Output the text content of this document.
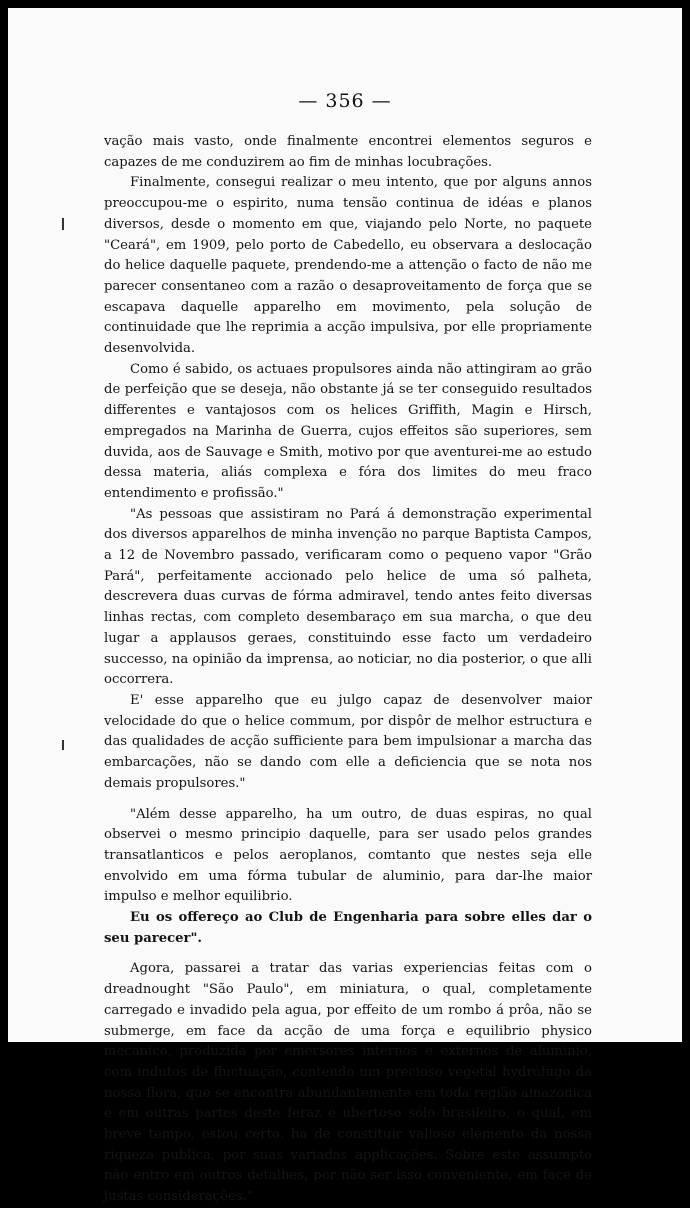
— 356 —

vação mais vasto, onde finalmente encontrei elementos seguros e capazes de me conduzirem ao fim de minhas locubrações.

Finalmente, consegui realizar o meu intento, que por alguns annos preoccupou-me o espirito, numa tensão continua de idéas e planos diversos, desde o momento em que, viajando pelo Norte, no paquete "Ceará", em 1909, pelo porto de Cabedello, eu observara a deslocação do helice daquelle paquete, prendendo-me a attenção o facto de não me parecer consentaneo com a razão o desaproveitamento de força que se escapava daquelle apparelho em movimento, pela solução de continuidade que lhe reprimia a acção impulsiva, por elle propriamente desenvolvida.

Como é sabido, os actuaes propulsores ainda não attingiram ao grão de perfeição que se deseja, não obstante já se ter conseguido resultados differentes e vantajosos com os helices Griffith, Magin e Hirsch, empregados na Marinha de Guerra, cujos effeitos são superiores, sem duvida, aos de Sauvage e Smith, motivo por que aventurei-me ao estudo dessa materia, aliás complexa e fóra dos limites do meu fraco entendimento e profissão."

"As pessoas que assistiram no Pará á demonstração experimental dos diversos apparelhos de minha invenção no parque Baptista Campos, a 12 de Novembro passado, verificaram como o pequeno vapor "Grão Pará", perfeitamente accionado pelo helice de uma só palheta, descrevera duas curvas de fórma admiravel, tendo antes feito diversas linhas rectas, com completo desembaraço em sua marcha, o que deu lugar a applausos geraes, constituindo esse facto um verdadeiro successo, na opinião da imprensa, ao noticiar, no dia posterior, o que alli occorrera.

E' esse apparelho que eu julgo capaz de desenvolver maior velocidade do que o helice commum, por dispôr de melhor estructura e das qualidades de acção sufficiente para bem impulsionar a marcha das embarcações, não se dando com elle a deficiencia que se nota nos demais propulsores."

"Além desse apparelho, ha um outro, de duas espiras, no qual observei o mesmo principio daquelle, para ser usado pelos grandes transatlanticos e pelos aeroplanos, comtanto que nestes seja elle envolvido em uma fórma tubular de aluminio, para dar-lhe maior impulso e melhor equilibrio.

Eu os offereço ao Club de Engenharia para sobre elles dar o seu parecer".

Agora, passarei a tratar das varias experiencias feitas com o dreadnought "São Paulo", em miniatura, o qual, completamente carregado e invadido pela agua, por effeito de um rombo á prôa, não se submerge, em face da acção de uma força e equilibrio physico mecanico, produzida por emersores internos e externos de aluminio, com indutos de fluctuação, contendo um precioso vegetal hydrófugo da nossa flora, que se encontra abundantemente em toda região amazonica e em outras partes deste feraz e ubertoso sólo brasileiro, o qual, em breve tempo, estou certo, ha de constituir valioso elemento da nossa riqueza publica, por suas variadas applicações. Sobre este assumpto não entro em outros detalhes, por não ser isso conveniente, em face de justas considerações."
